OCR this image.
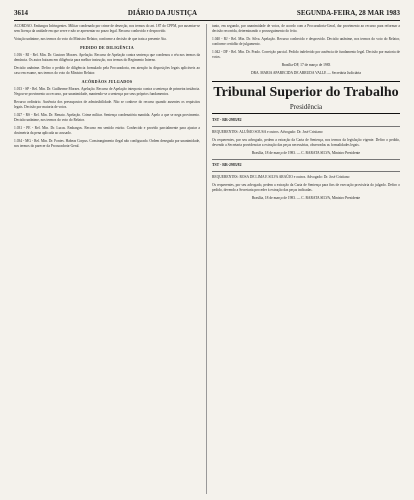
3614	DIÁRIO DA JUSTIÇA	SEGUNDA-FEIRA, 28 MAR 1983

ACÓRDÃO. Embargos Infringentes. Militar condenado por crime de deserção, nos termos do art. 187 do CPPM, por ausentar-se sem licença da unidade em que serve e não se apresentar no prazo legal. Recurso conhecido e desprovido.

Votação unânime, nos termos do voto do Ministro Relator, conforme a decisão de que trata a presente Ata.

PEDIDO DE DILIGÊNCIA

1.016 - RJ - Rel. Min. Dr. Gustavo Moraes. Apelação. Recurso de Apelação contra sentença que condenou o réu nos termos da denúncia. Os autos baixam em diligência para melhor instrução, nos termos do Regimento Interno.

Decisão unânime. Defiro o pedido de diligência formulado pela Procuradoria, em atenção às disposições legais aplicáveis ao caso em exame, nos termos do voto do Ministro Relator.

ACÓRDÃOS JULGADOS

1.013 - SP - Rel. Min. Dr. Guilherme Moraes. Apelação. Recurso de Apelação interposto contra a sentença de primeira instância. Negou-se provimento ao recurso, por unanimidade, mantendo-se a sentença por seus próprios fundamentos.

Recurso ordinário. Ausência dos pressupostos de admissibilidade. Não se conhece do recurso quando ausentes os requisitos legais. Decisão por maioria de votos.

1.027 - RS - Rel. Min. Dr. Renato. Apelação. Crime militar. Sentença condenatória mantida. Apelo a que se nega provimento. Decisão unânime, nos termos do voto do Relator.

1.031 - PE - Rel. Min. Dr. Lucas. Embargos. Recurso em sentido estrito. Conhecido e provido parcialmente para ajustar a dosimetria da pena aplicada ao acusado.

1.034 - MG - Rel. Min. Dr. Fontes. Habeas Corpus. Constrangimento ilegal não configurado. Ordem denegada por unanimidade, nos termos do parecer da Procuradoria-Geral.

tanto, em segundo, por unanimidade de votos, de acordo com a Procuradoria-Geral, dar provimento ao recurso para reformar a decisão recorrida, determinando o prosseguimento do feito.

1.040 - RJ - Rel. Min. Dr. Silva. Apelação. Recurso conhecido e desprovido. Decisão unânime, nos termos do voto do Relator, conforme certidão de julgamento.

1.042 - DF - Rel. Min. Dr. Prado. Correição parcial. Pedido indeferido por ausência de fundamento legal. Decisão por maioria de votos.

Brasília-DF, 17 de março de 1983
DRA. MARIA APARECIDA DE ARRUDA VALLE — Secretária Judiciária
Tribunal Superior do Trabalho
Presidência
TST - RR-2983/82

REQUERENTES: ALUÍSIO SOUSA e outros. Advogado: Dr. José Cristiano

Os requerentes, por seu advogado, pedem a extração da Carta de Sentença, nos termos da legislação vigente. Defiro o pedido, devendo a Secretaria providenciar a extração das peças necessárias, observadas as formalidades legais.

Brasília, 18 de março de 1983. — C. BARATA SILVA, Ministro Presidente
TST - RR-2983/82

REQUERENTES: ROSA DE LIMA E SILVA ARAÚJO e outros. Advogado: Dr. José Cristiano

Os requerentes, por seu advogado, pedem a extração da Carta de Sentença para fins de execução provisória do julgado. Defiro o pedido, devendo a Secretaria proceder à extração das peças indicadas.

Brasília, 18 de março de 1983. — C. BARATA SILVA, Ministro Presidente
